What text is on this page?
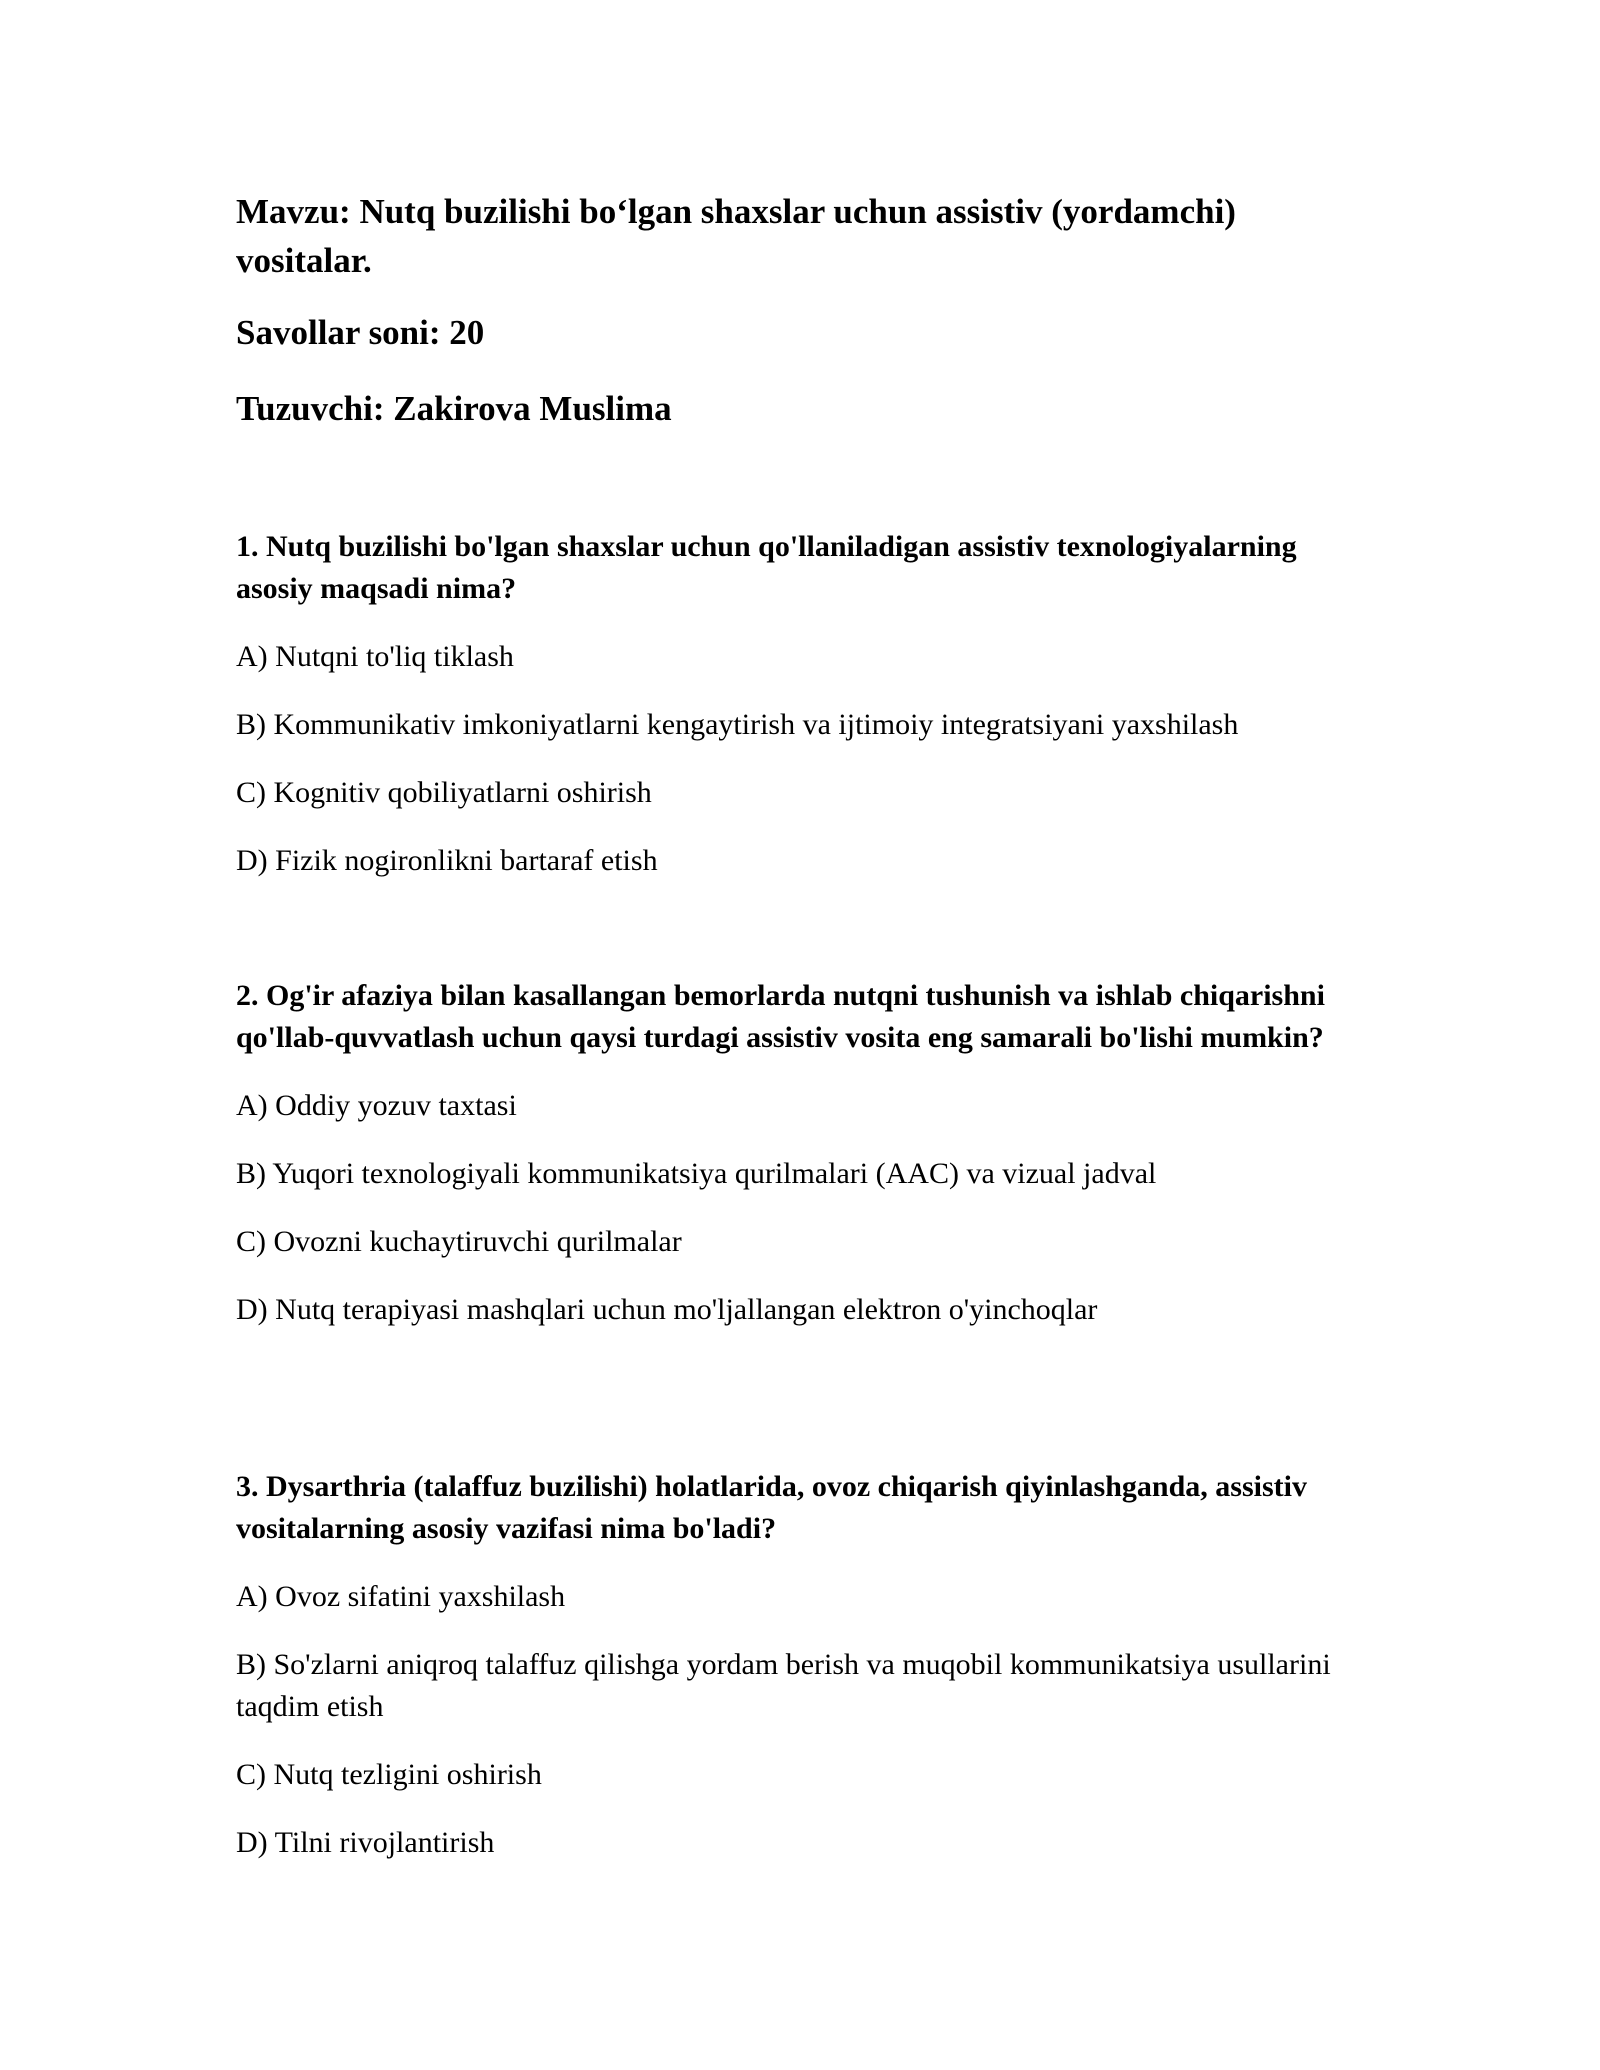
Mavzu: Nutq buzilishi bo‘lgan shaxslar uchun assistiv (yordamchi) vositalar.

Savollar soni: 20

Tuzuvchi: Zakirova Muslima

1. Nutq buzilishi bo'lgan shaxslar uchun qo'llaniladigan assistiv texnologiyalarning asosiy maqsadi nima?

A) Nutqni to'liq tiklash

B) Kommunikativ imkoniyatlarni kengaytirish va ijtimoiy integratsiyani yaxshilash

C) Kognitiv qobiliyatlarni oshirish

D) Fizik nogironlikni bartaraf etish

2. Og'ir afaziya bilan kasallangan bemorlarda nutqni tushunish va ishlab chiqarishni qo'llab-quvvatlash uchun qaysi turdagi assistiv vosita eng samarali bo'lishi mumkin?

A) Oddiy yozuv taxtasi

B) Yuqori texnologiyali kommunikatsiya qurilmalari (AAC) va vizual jadval

C) Ovozni kuchaytiruvchi qurilmalar

D) Nutq terapiyasi mashqlari uchun mo'ljallangan elektron o'yinchoqlar

3. Dysarthria (talaffuz buzilishi) holatlarida, ovoz chiqarish qiyinlashganda, assistiv vositalarning asosiy vazifasi nima bo'ladi?

A) Ovoz sifatini yaxshilash

B) So'zlarni aniqroq talaffuz qilishga yordam berish va muqobil kommunikatsiya usullarini taqdim etish

C) Nutq tezligini oshirish

D) Tilni rivojlantirish
